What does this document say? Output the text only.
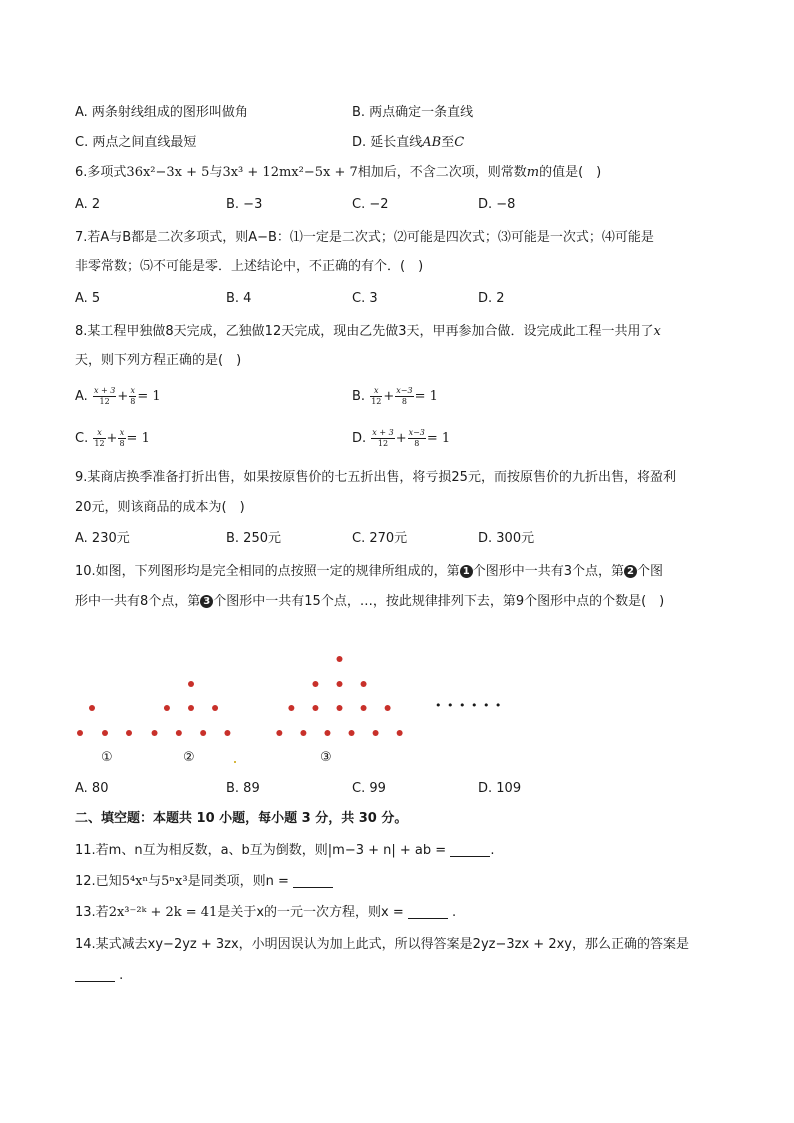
A. 两条射线组成的图形叫做角	B. 两点确定一条直线
C. 两点之间直线最短	D. 延长直线AB至C
6.多项式36x²−3x + 5与3x³ + 12mx²−5x + 7相加后，不含二次项，则常数m的值是(　)
A. 2	B. −3	C. −2	D. −8
7.若A与B都是二次多项式，则A−B：⑴一定是二次式；⑵可能是四次式；⑶可能是一次式；⑷可能是
非零常数；⑸不可能是零．上述结论中，不正确的有个．(　)
A. 5	B. 4	C. 3	D. 2
8.某工程甲独做8天完成，乙独做12天完成，现由乙先做3天，甲再参加合做．设完成此工程一共用了x
天，则下列方程正确的是(　)
A. $\frac{x + 3}{12} + \frac{x}{8} = 1$	B. $\frac{x}{12} + \frac{x-3}{8} = 1$
C. $\frac{x}{12} + \frac{x}{8} = 1$	D. $\frac{x + 3}{12} + \frac{x-3}{8} = 1$
9.某商店换季准备打折出售，如果按原售价的七五折出售，将亏损25元，而按原售价的九折出售，将盈利
20元，则该商品的成本为(　)
A. 230元	B. 250元	C. 270元	D. 300元
10.如图，下列图形均是完全相同的点按照一定的规律所组成的，第 1 个图形中一共有3个点，第 2 个图
形中一共有8个点，第 3 个图形中一共有15个点，…，按此规律排列下去，第9个图形中点的个数是(　)
①	②	③
• • • • • •
A. 80	B. 89	C. 99	D. 109
二、填空题：本题共 10 小题，每小题 3 分，共 30 分。
11.若m、n互为相反数，a、b互为倒数，则|m−3 + n| + ab =	.
12.已知5⁴xⁿ与5ⁿx³是同类项，则n =
13.若2x³⁻²ᵏ + 2k = 41是关于x的一元一次方程，则x =	.
14.某式减去xy−2yz + 3zx，小明因误认为加上此式，所以得答案是2yz−3zx + 2xy，那么正确的答案是
.
